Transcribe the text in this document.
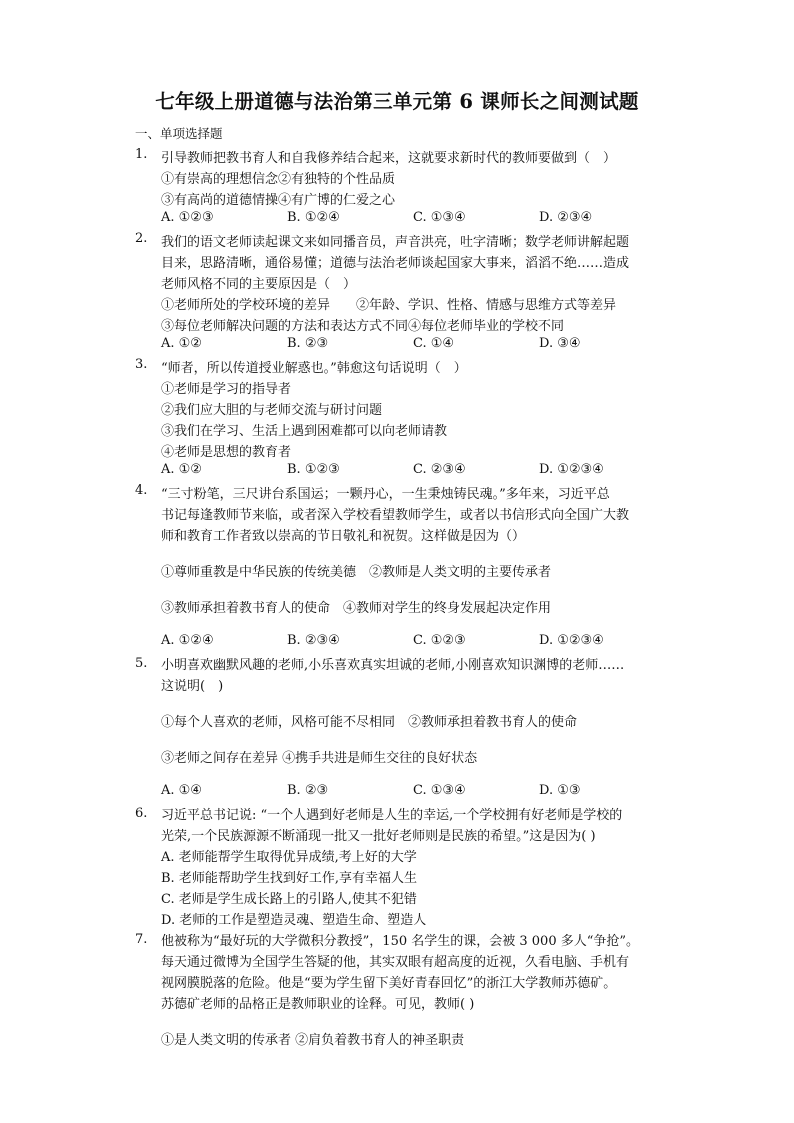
七年级上册道德与法治第三单元第 6 课师长之间测试题
一、单项选择题
1. 引导教师把教书育人和自我修养结合起来，这就要求新时代的教师要做到（　）
①有崇高的理想信念②有独特的个性品质
③有高尚的道德情操④有广博的仁爱之心
A. ①②③	B. ①②④	C. ①③④	D. ②③④
2. 我们的语文老师读起课文来如同播音员，声音洪亮，吐字清晰；数学老师讲解起题
目来，思路清晰，通俗易懂；道德与法治老师谈起国家大事来，滔滔不绝……造成
老师风格不同的主要原因是（　）
①老师所处的学校环境的差异　　②年龄、学识、性格、情感与思维方式等差异
③每位老师解决问题的方法和表达方式不同④每位老师毕业的学校不同
A. ①②	B. ②③	C. ①④	D. ③④
3. “师者，所以传道授业解惑也。”韩愈这句话说明（　）
①老师是学习的指导者
②我们应大胆的与老师交流与研讨问题
③我们在学习、生活上遇到困难都可以向老师请教
④老师是思想的教育者
A. ①②	B. ①②③	C. ②③④	D. ①②③④
4. “三寸粉笔，三尺讲台系国运；一颗丹心，一生秉烛铸民魂。”多年来，习近平总
书记每逢教师节来临，或者深入学校看望教师学生，或者以书信形式向全国广大教
师和教育工作者致以崇高的节日敬礼和祝贺。这样做是因为（）
①尊师重教是中华民族的传统美德　②教师是人类文明的主要传承者
③教师承担着教书育人的使命　④教师对学生的终身发展起决定作用
A. ①②④	B. ②③④	C. ①②③	D. ①②③④
5. 小明喜欢幽默风趣的老师,小乐喜欢真实坦诚的老师,小刚喜欢知识渊博的老师……
这说明(　)
①每个人喜欢的老师，风格可能不尽相同　②教师承担着教书育人的使命
③老师之间存在差异 ④携手共进是师生交往的良好状态
A. ①④	B. ②③	C. ①③④	D. ①③
6. 习近平总书记说: “一个人遇到好老师是人生的幸运,一个学校拥有好老师是学校的
光荣,一个民族源源不断涌现一批又一批好老师则是民族的希望。”这是因为( )
A. 老师能帮学生取得优异成绩,考上好的大学
B. 老师能帮助学生找到好工作,享有幸福人生
C. 老师是学生成长路上的引路人,使其不犯错
D. 老师的工作是塑造灵魂、塑造生命、塑造人
7. 他被称为“最好玩的大学微积分教授”，150 名学生的课，会被 3 000 多人“争抢”。
每天通过微博为全国学生答疑的他，其实双眼有超高度的近视，久看电脑、手机有
视网膜脱落的危险。他是“要为学生留下美好青春回忆”的浙江大学教师苏德矿。
苏德矿老师的品格正是教师职业的诠释。可见，教师( )
①是人类文明的传承者 ②肩负着教书育人的神圣职责
